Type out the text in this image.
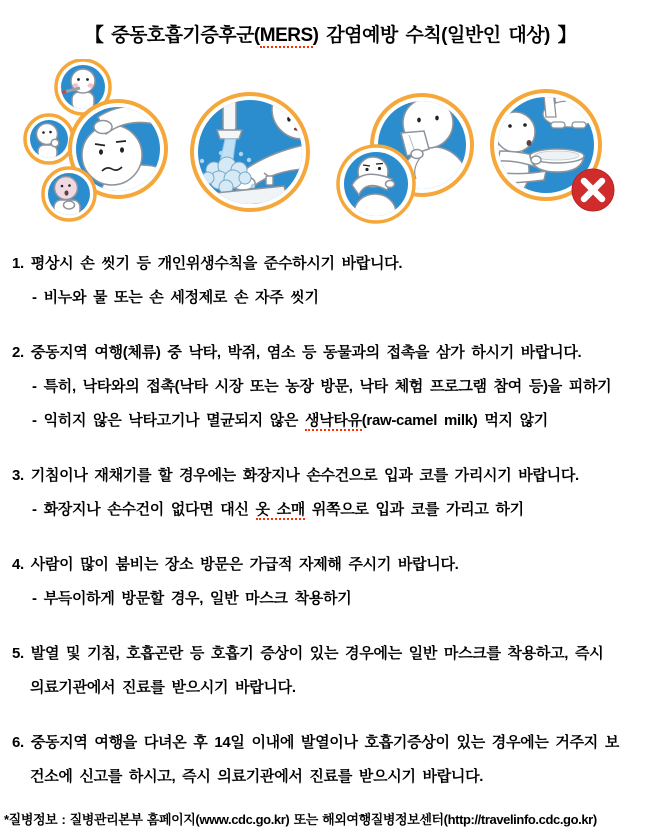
【 중동호흡기증후군(MERS) 감염예방 수칙(일반인 대상) 】
1. 평상시 손 씻기 등 개인위생수칙을 준수하시기 바랍니다.
- 비누와 물 또는 손 세정제로 손 자주 씻기
2. 중동지역 여행(체류) 중 낙타, 박쥐, 염소 등 동물과의 접촉을 삼가 하시기 바랍니다.
- 특히, 낙타와의 접촉(낙타 시장 또는 농장 방문, 낙타 체험 프로그램 참여 등)을 피하기
- 익히지 않은 낙타고기나 멸균되지 않은 생낙타유(raw-camel milk) 먹지 않기
3. 기침이나 재채기를 할 경우에는 화장지나 손수건으로 입과 코를 가리시기 바랍니다.
- 화장지나 손수건이 없다면 대신 옷 소매 위쪽으로 입과 코를 가리고 하기
4. 사람이 많이 붐비는 장소 방문은 가급적 자제해 주시기 바랍니다.
- 부득이하게 방문할 경우, 일반 마스크 착용하기
5. 발열 및 기침, 호흡곤란 등 호흡기 증상이 있는 경우에는 일반 마스크를 착용하고, 즉시
의료기관에서 진료를 받으시기 바랍니다.
6. 중동지역 여행을 다녀온 후 14일 이내에 발열이나 호흡기증상이 있는 경우에는 거주지 보
건소에 신고를 하시고, 즉시 의료기관에서 진료를 받으시기 바랍니다.
*질병정보 : 질병관리본부 홈페이지(www.cdc.go.kr) 또는 해외여행질병정보센터(http://travelinfo.cdc.go.kr)
